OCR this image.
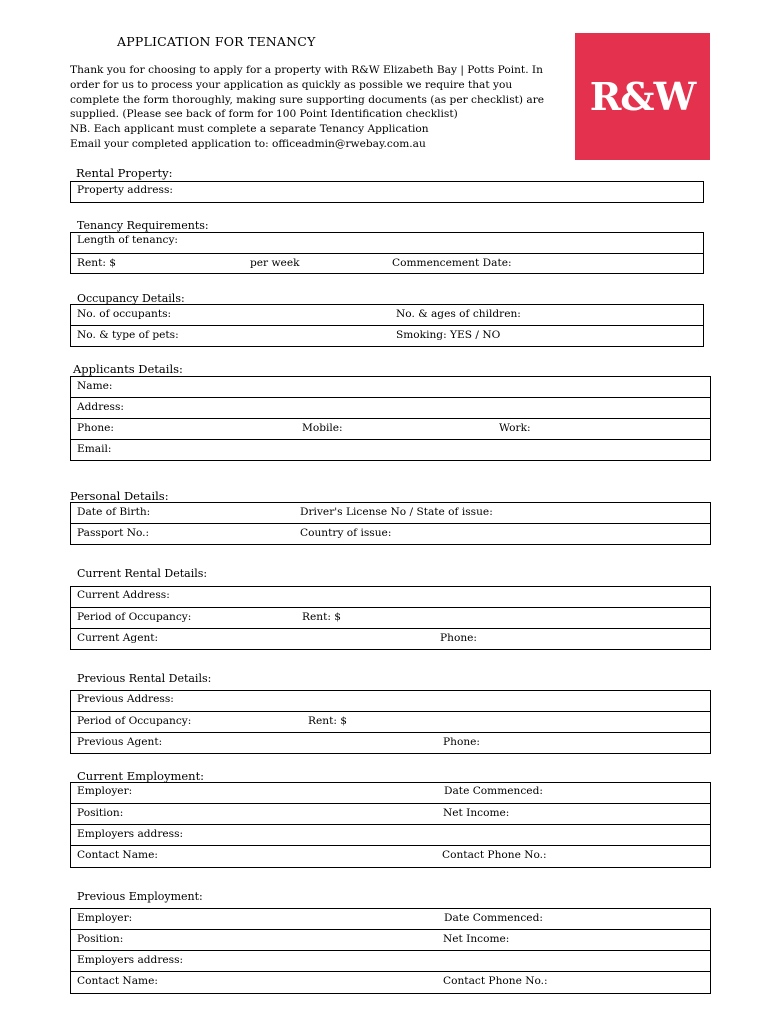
APPLICATION FOR TENANCY
Thank you for choosing to apply for a property with R&W Elizabeth Bay | Potts Point. In
order for us to process your application as quickly as possible we require that you
complete the form thoroughly, making sure supporting documents (as per checklist) are
supplied. (Please see back of form for 100 Point Identification checklist)
NB. Each applicant must complete a separate Tenancy Application
Email your completed application to: officeadmin@rwebay.com.au
R&W
Rental Property:
Property address:
Tenancy Requirements:
Length of tenancy:
Rent: $	per week	Commencement Date:
Occupancy Details:
No. of occupants:	No. & ages of children:
No. & type of pets:	Smoking: YES / NO
Applicants Details:
Name:
Address:
Phone:	Mobile:	Work:
Email:
Personal Details:
Date of Birth:	Driver's License No / State of issue:
Passport No.:	Country of issue:
Current Rental Details:
Current Address:
Period of Occupancy:	Rent: $
Current Agent:	Phone:
Previous Rental Details:
Previous Address:
Period of Occupancy:	Rent: $
Previous Agent:	Phone:
Current Employment:
Employer:	Date Commenced:
Position:	Net Income:
Employers address:
Contact Name:	Contact Phone No.:
Previous Employment:
Employer:	Date Commenced:
Position:	Net Income:
Employers address:
Contact Name:	Contact Phone No.:
